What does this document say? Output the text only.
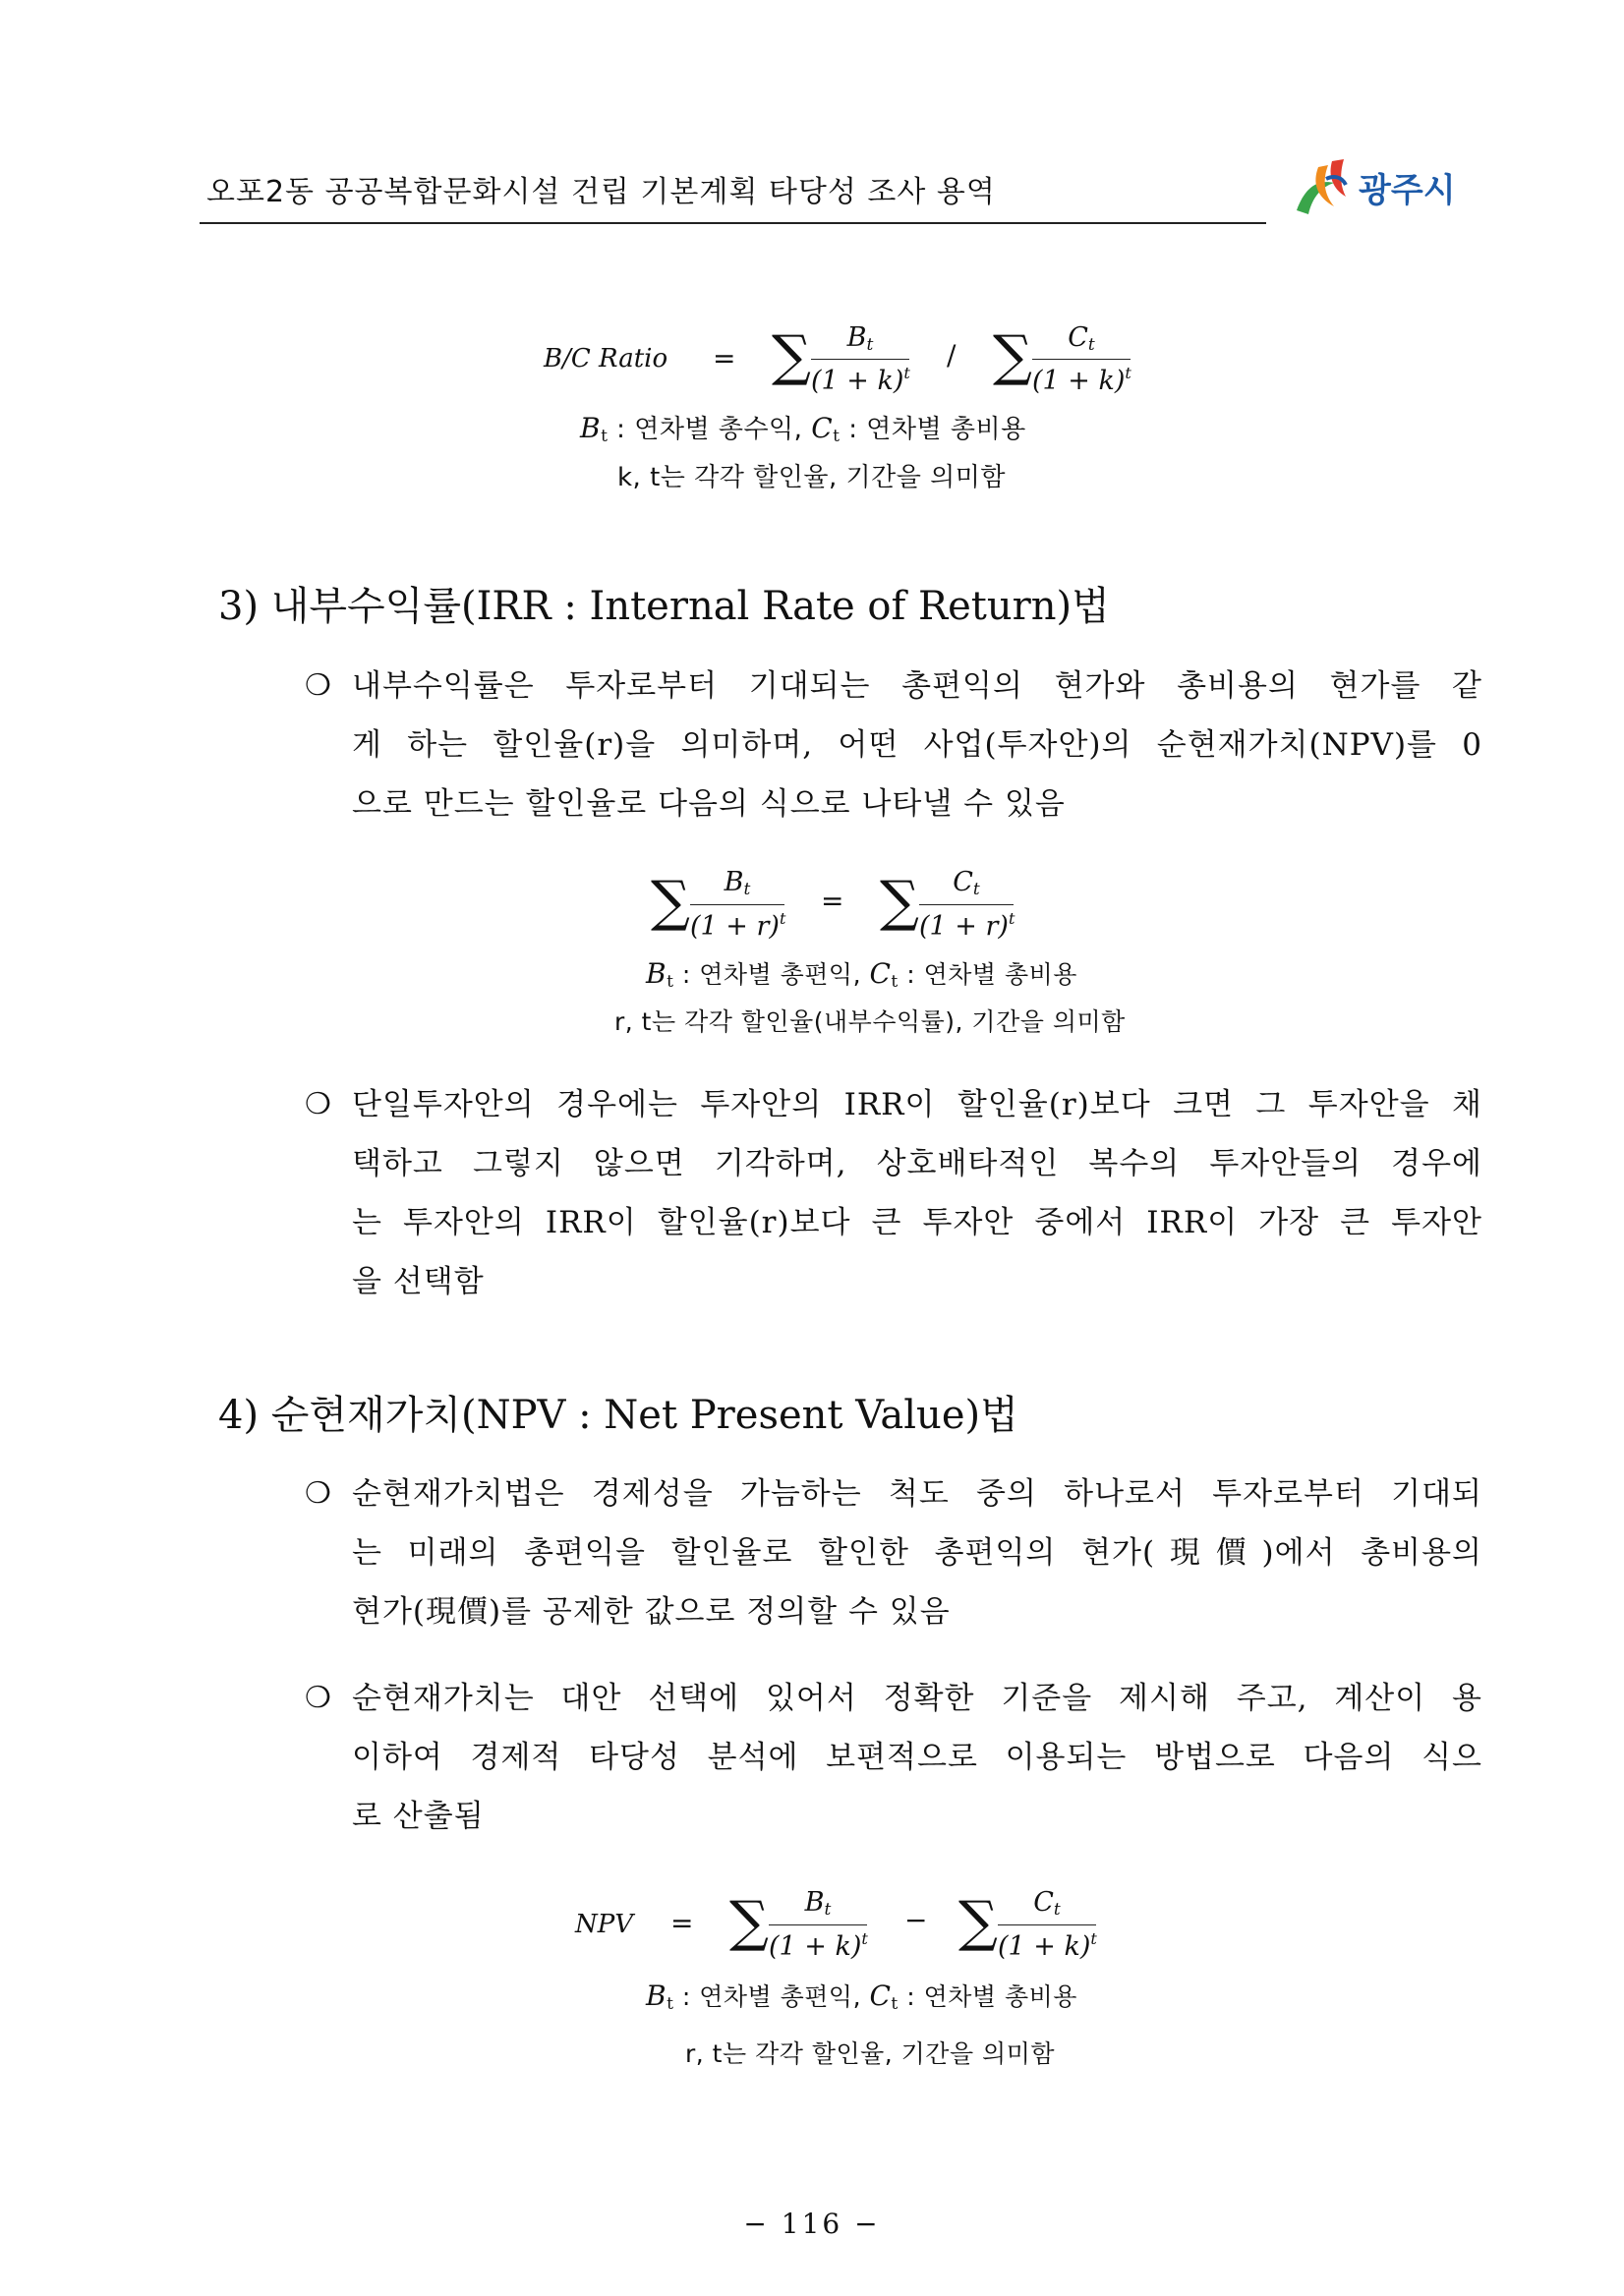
오포2동 공공복합문화시설 건립 기본계획 타당성 조사 용역	광주시
B/C Ratio = ∑	$B_t$
(1 + k)$^t$
/ ∑	$C_t$
(1 + k)$^t$
$B_t$ : 연차별 총수익, $C_t$ : 연차별 총비용
k, t는 각각 할인율, 기간을 의미함
3) 내부수익률(IRR : Internal Rate of Return)법
❍ 내부수익률은 투자로부터 기대되는 총편익의 현가와 총비용의 현가를 같
게 하는 할인율(r)을 의미하며, 어떤 사업(투자안)의 순현재가치(NPV)를 0
으로 만드는 할인율로 다음의 식으로 나타낼 수 있음
∑	$B_t$
(1 + r)$^t$
= ∑	$C_t$
(1 + r)$^t$
$B_t$ : 연차별 총편익, $C_t$ : 연차별 총비용
r, t는 각각 할인율(내부수익률), 기간을 의미함
❍ 단일투자안의 경우에는 투자안의 IRR이 할인율(r)보다 크면 그 투자안을 채
택하고 그렇지 않으면 기각하며, 상호배타적인 복수의 투자안들의 경우에
는 투자안의 IRR이 할인율(r)보다 큰 투자안 중에서 IRR이 가장 큰 투자안
을 선택함
4) 순현재가치(NPV : Net Present Value)법
❍ 순현재가치법은 경제성을 가늠하는 척도 중의 하나로서 투자로부터 기대되
는 미래의 총편익을 할인율로 할인한 총편익의 현가(現價)에서 총비용의
현가(現價)를 공제한 값으로 정의할 수 있음
❍ 순현재가치는 대안 선택에 있어서 정확한 기준을 제시해 주고, 계산이 용
이하여 경제적 타당성 분석에 보편적으로 이용되는 방법으로 다음의 식으
로 산출됨
NPV = ∑	$B_t$
(1 + k)$^t$
− ∑	$C_t$
(1 + k)$^t$
$B_t$ : 연차별 총편익, $C_t$ : 연차별 총비용
r, t는 각각 할인율, 기간을 의미함
− 116 −
